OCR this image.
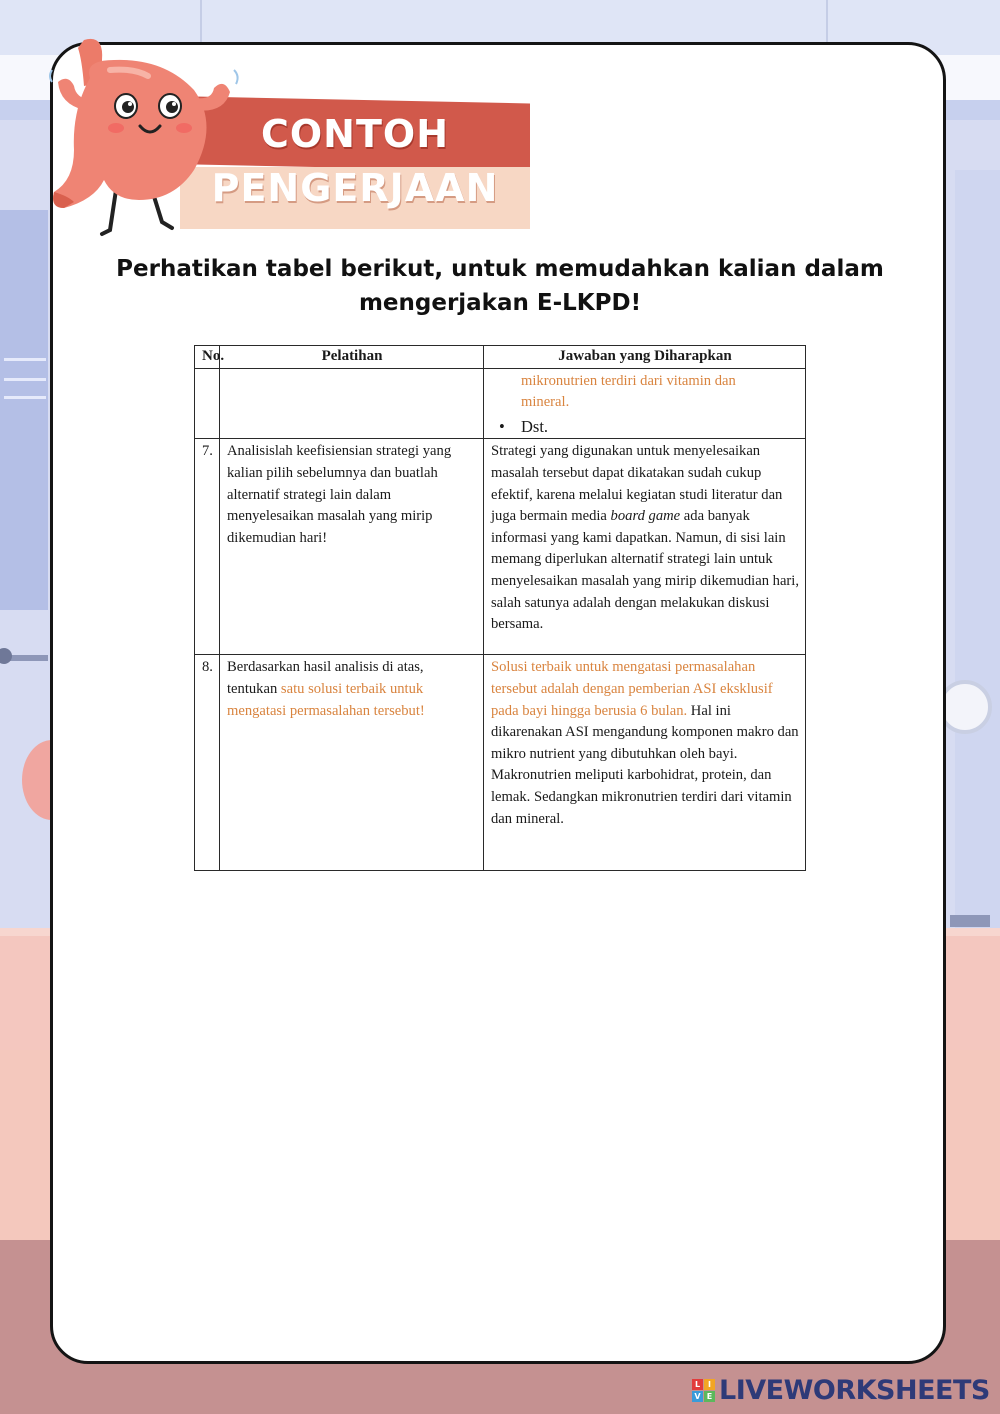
CONTOH
PENGERJAAN
Perhatikan tabel berikut, untuk memudahkan kalian dalam
mengerjakan E-LKPD!
No.	Pelatihan	Jawaban yang Diharapkan

		mikronutrien terdiri dari vitamin dan
mineral.
• Dst.

7.	Analisislah keefisiensian strategi yang kalian pilih sebelumnya dan buatlah alternatif strategi lain dalam menyelesaikan masalah yang mirip dikemudian hari!	Strategi yang digunakan untuk menyelesaikan masalah tersebut dapat dikatakan sudah cukup efektif, karena melalui kegiatan studi literatur dan juga bermain media board game ada banyak informasi yang kami dapatkan. Namun, di sisi lain memang diperlukan alternatif strategi lain untuk menyelesaikan masalah yang mirip dikemudian hari, salah satunya adalah dengan melakukan diskusi bersama.
8.	Berdasarkan hasil analisis di atas, tentukan satu solusi terbaik untuk mengatasi permasalahan tersebut!	Solusi terbaik untuk mengatasi permasalahan tersebut adalah dengan pemberian ASI eksklusif pada bayi hingga berusia 6 bulan. Hal ini dikarenakan ASI mengandung komponen makro dan mikro nutrient yang dibutuhkan oleh bayi. Makronutrien meliputi karbohidrat, protein, dan lemak. Sedangkan mikronutrien terdiri dari vitamin dan mineral.
L I
V E LIVEWORKSHEETS
